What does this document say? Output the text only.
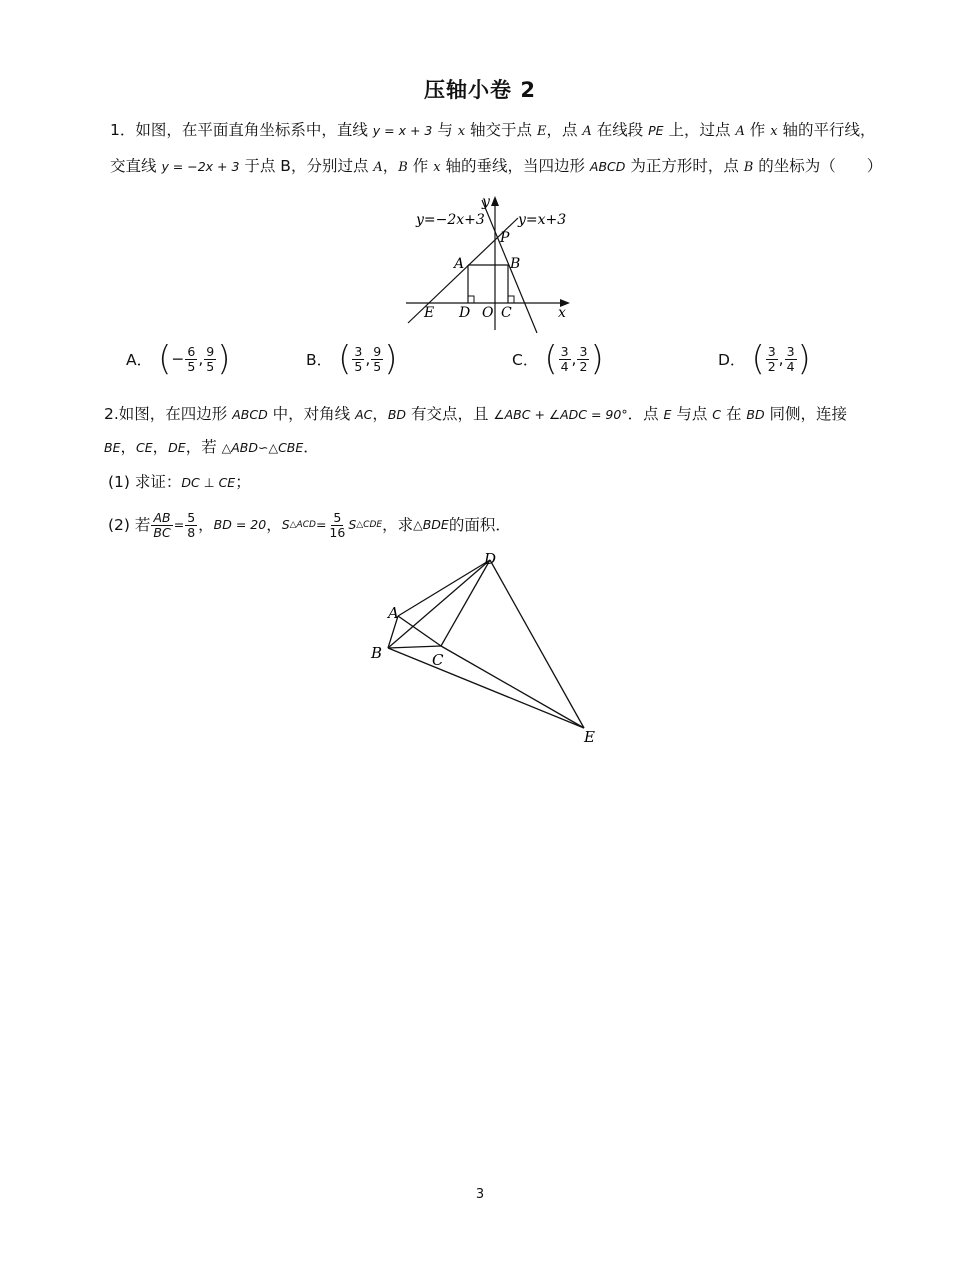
压轴小卷 2
1．如图，在平面直角坐标系中，直线 y = x + 3 与 x 轴交于点 E，点 A 在线段 PE 上，过点 A 作 x 轴的平行线，
交直线 y = −2x + 3 于点 B，分别过点 A，B 作 x 轴的垂线，当四边形 ABCD 为正方形时，点 B 的坐标为（　　）
y=−2x+3 y=x+3
y
x
P
A	B
E D O C
A． ( − $\frac{6}{5}$ , $\frac{9}{5}$ )	B． ( $\frac{3}{5}$ , $\frac{9}{5}$ )	C． ( $\frac{3}{4}$ , $\frac{3}{2}$ )	D． ( $\frac{3}{2}$ , $\frac{3}{4}$ )
2.如图，在四边形 ABCD 中，对角线 AC，BD 有交点，且 ∠ABC + ∠ADC = 90°．点 E 与点 C 在 BD 同侧，连接
BE，CE，DE，若 △ABD∽△CBE．
(1) 求证：DC ⊥ CE；
(2) 若 $\frac{AB}{BC} = \frac{5}{8}$ ， BD = 20 ， S △ACD = $\frac{5}{16}$ S △CDE ，求 △BDE 的面积．
A
B	C
D
E
3
